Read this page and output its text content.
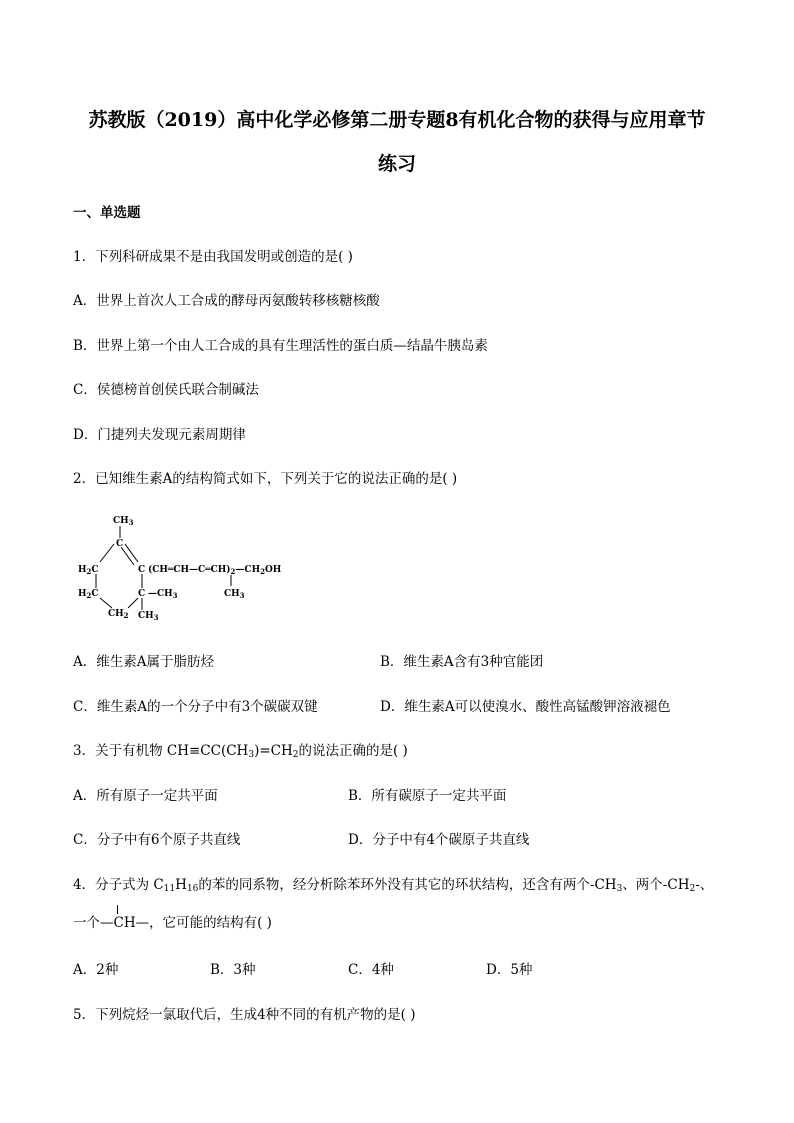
苏教版（2019）高中化学必修第二册专题8有机化合物的获得与应用章节
练习
一、单选题
1．下列科研成果不是由我国发明或创造的是( )
A．世界上首次人工合成的酵母丙氨酸转移核糖核酸
B．世界上第一个由人工合成的具有生理活性的蛋白质—结晶牛胰岛素
C．侯德榜首创侯氏联合制碱法
D．门捷列夫发现元素周期律
2．已知维生素A的结构简式如下，下列关于它的说法正确的是( )
$CH_3$
C
$H_2C$	C $(CH═CH—C═CH)_2—CH_2OH$
$H_2C$	C $—CH_3$
$CH_2$ $CH_3$
$CH_3$
A．维生素A属于脂肪烃	B．维生素A含有3种官能团
C．维生素A的一个分子中有3个碳碳双键	D．维生素A可以使溴水、酸性高锰酸钾溶液褪色
3．关于有机物 $CH\equiv CC(CH_3)=CH_2$的说法正确的是( )
A．所有原子一定共平面	B．所有碳原子一定共平面
C．分子中有6个原子共直线	D．分子中有4个碳原子共直线
4．分子式为 $C_{11}H_{16}$的苯的同系物，经分析除苯环外没有其它的环状结构，还含有两个$-CH_3$、两个$-CH_2-$、
一个
—CH—，它可能的结构有( )
A．2种	B．3种	C．4种	D．5种
5．下列烷烃一氯取代后，生成4种不同的有机产物的是( )
